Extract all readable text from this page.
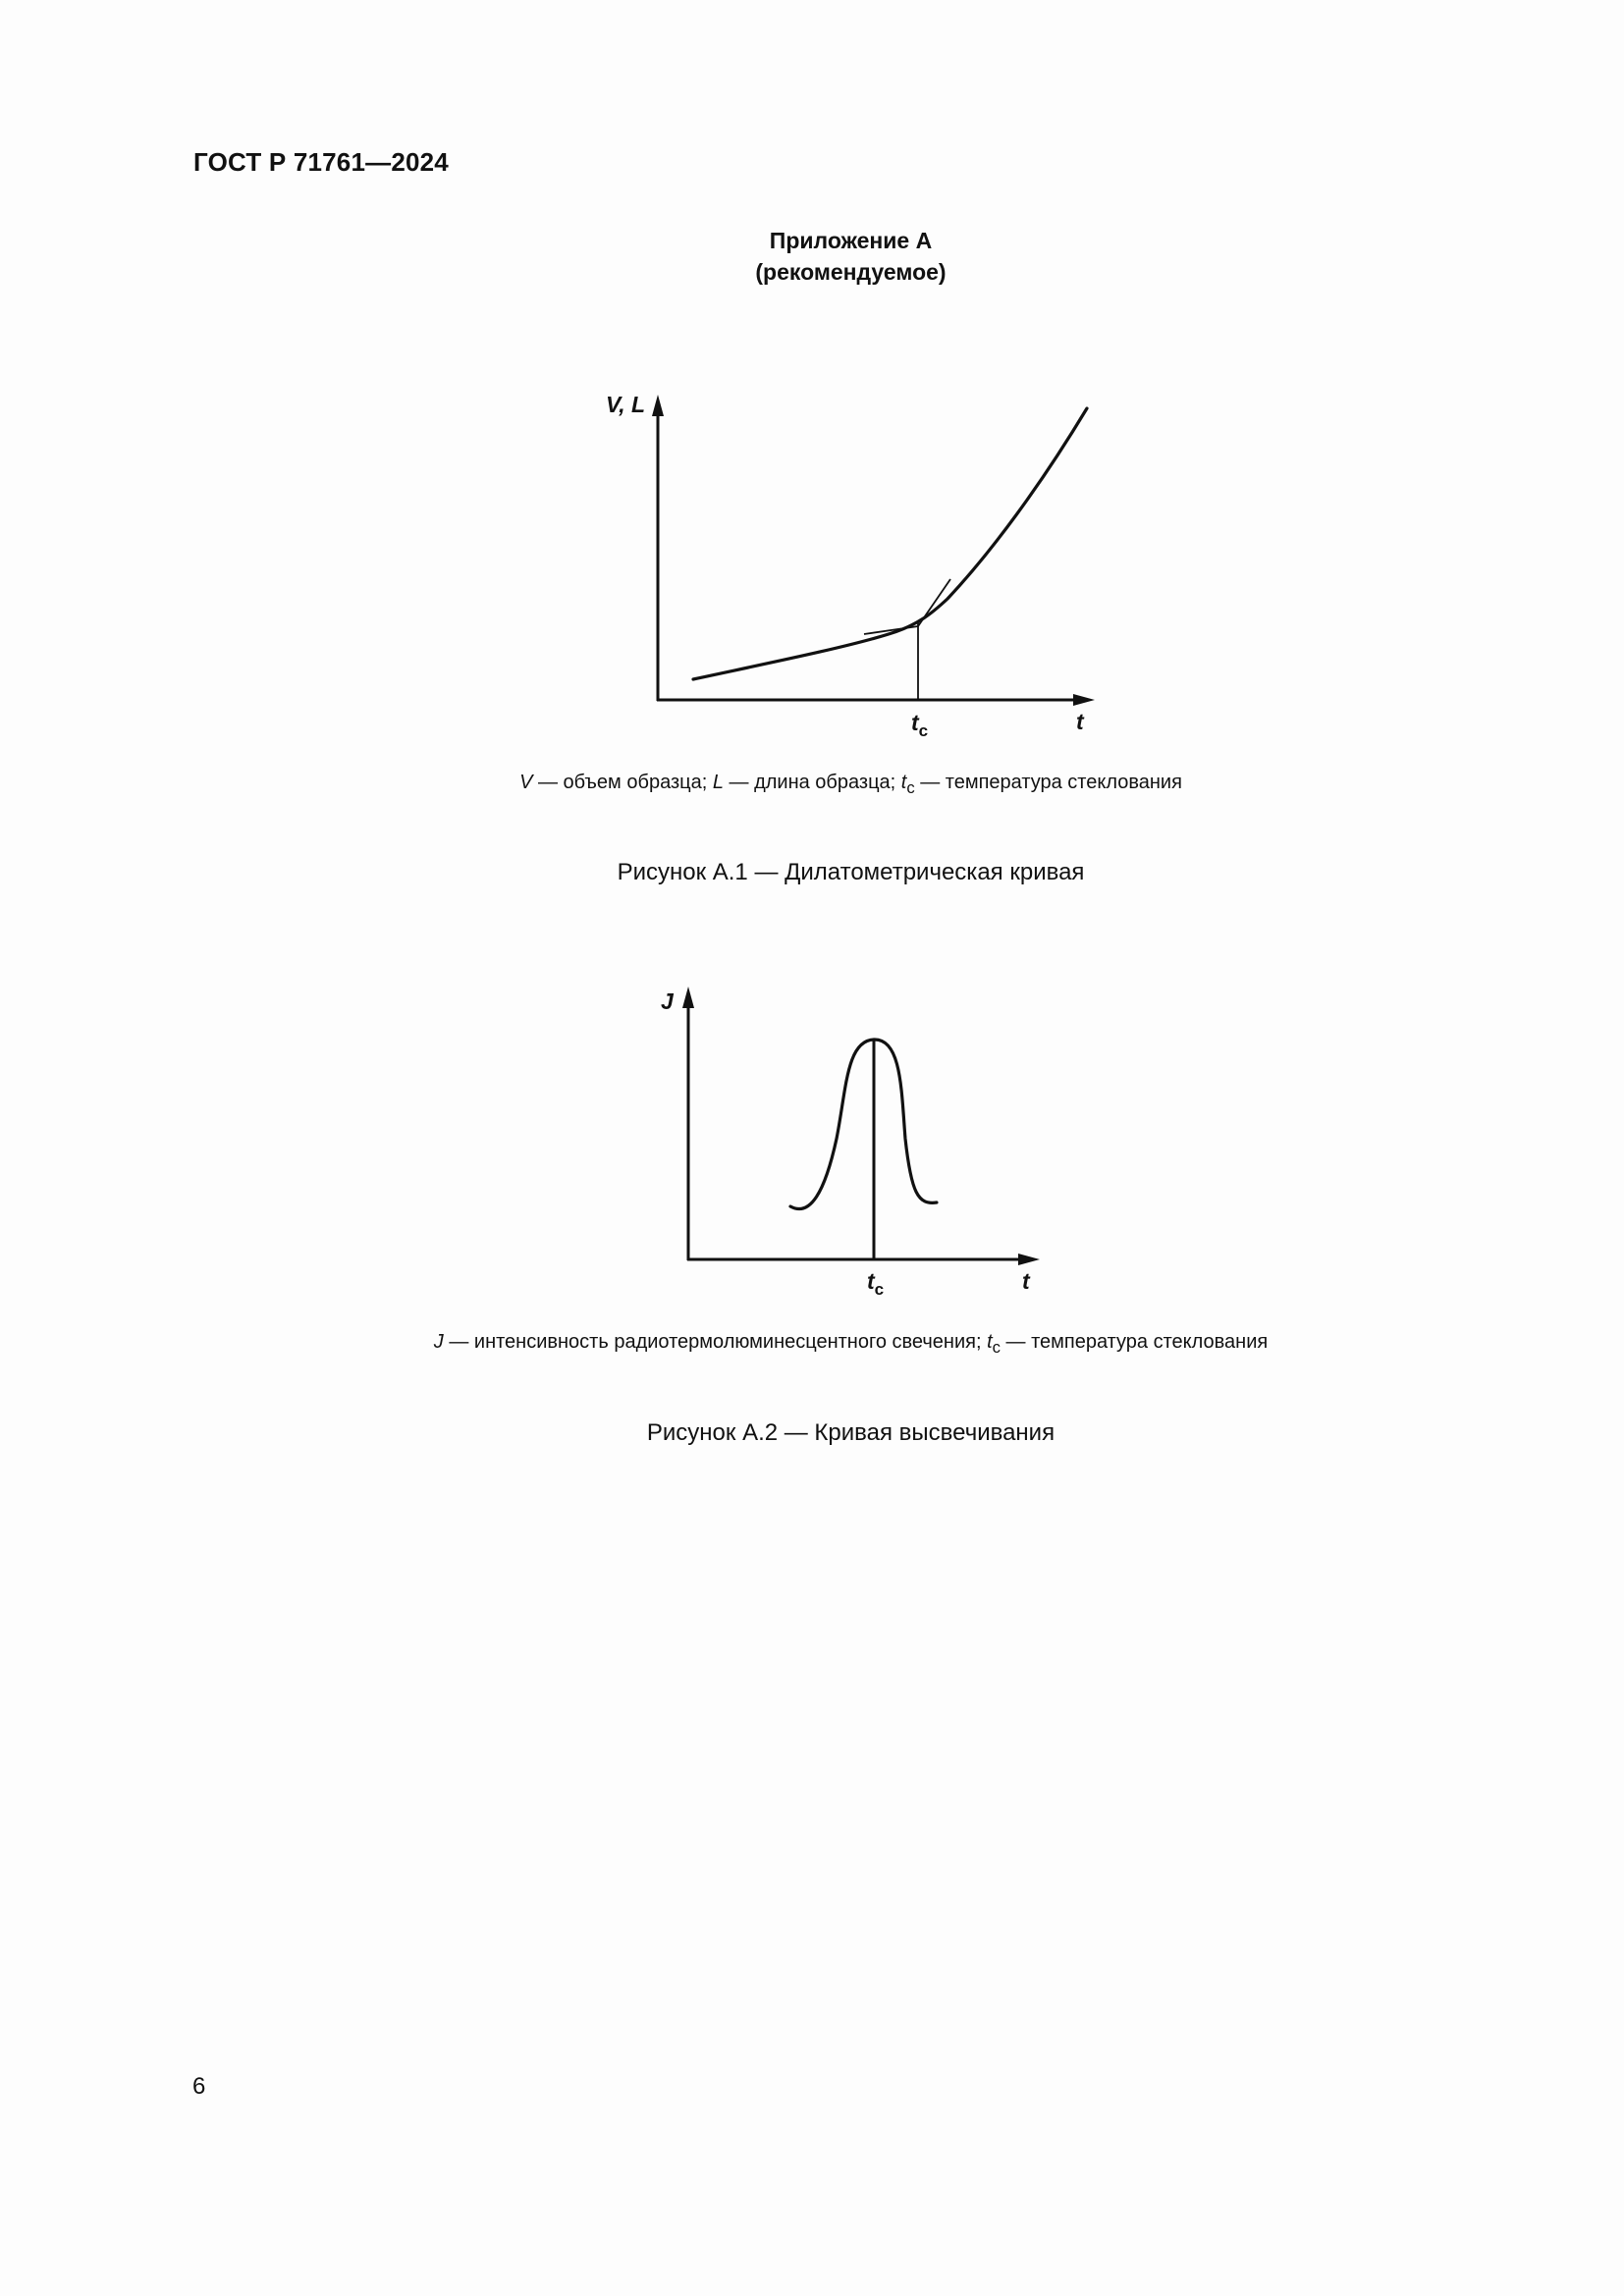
ГОСТ Р 71761—2024
Приложение А
(рекомендуемое)
V, L
tc	t
V — объем образца; L — длина образца; $t_c$ — температура стеклования
Рисунок А.1 — Дилатометрическая кривая
J
tc	t
J — интенсивность радиотермолюминесцентного свечения; $t_c$ — температура стеклования
Рисунок А.2 — Кривая высвечивания
6
